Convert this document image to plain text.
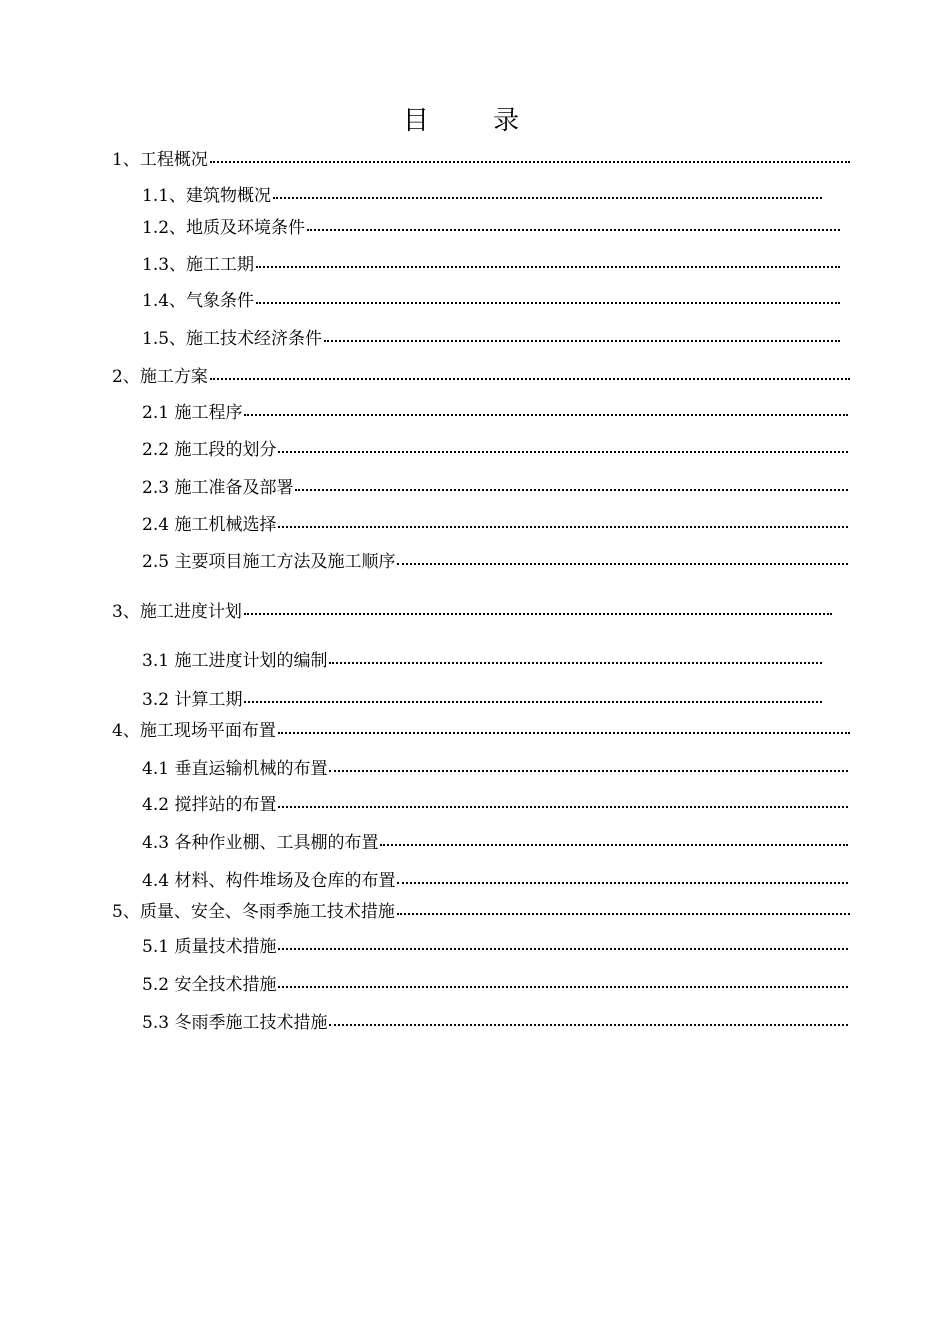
目 录
1、工程概况
1.1、建筑物概况
1.2、地质及环境条件
1.3、施工工期
1.4、气象条件
1.5、施工技术经济条件
2、施工方案
2.1 施工程序
2.2 施工段的划分
2.3 施工准备及部署
2.4 施工机械选择
2.5 主要项目施工方法及施工顺序
3、施工进度计划
3.1 施工进度计划的编制
3.2 计算工期
4、施工现场平面布置
4.1 垂直运输机械的布置
4.2 搅拌站的布置
4.3 各种作业棚、工具棚的布置
4.4 材料、构件堆场及仓库的布置
5、质量、安全、冬雨季施工技术措施
5.1 质量技术措施
5.2 安全技术措施
5.3 冬雨季施工技术措施
